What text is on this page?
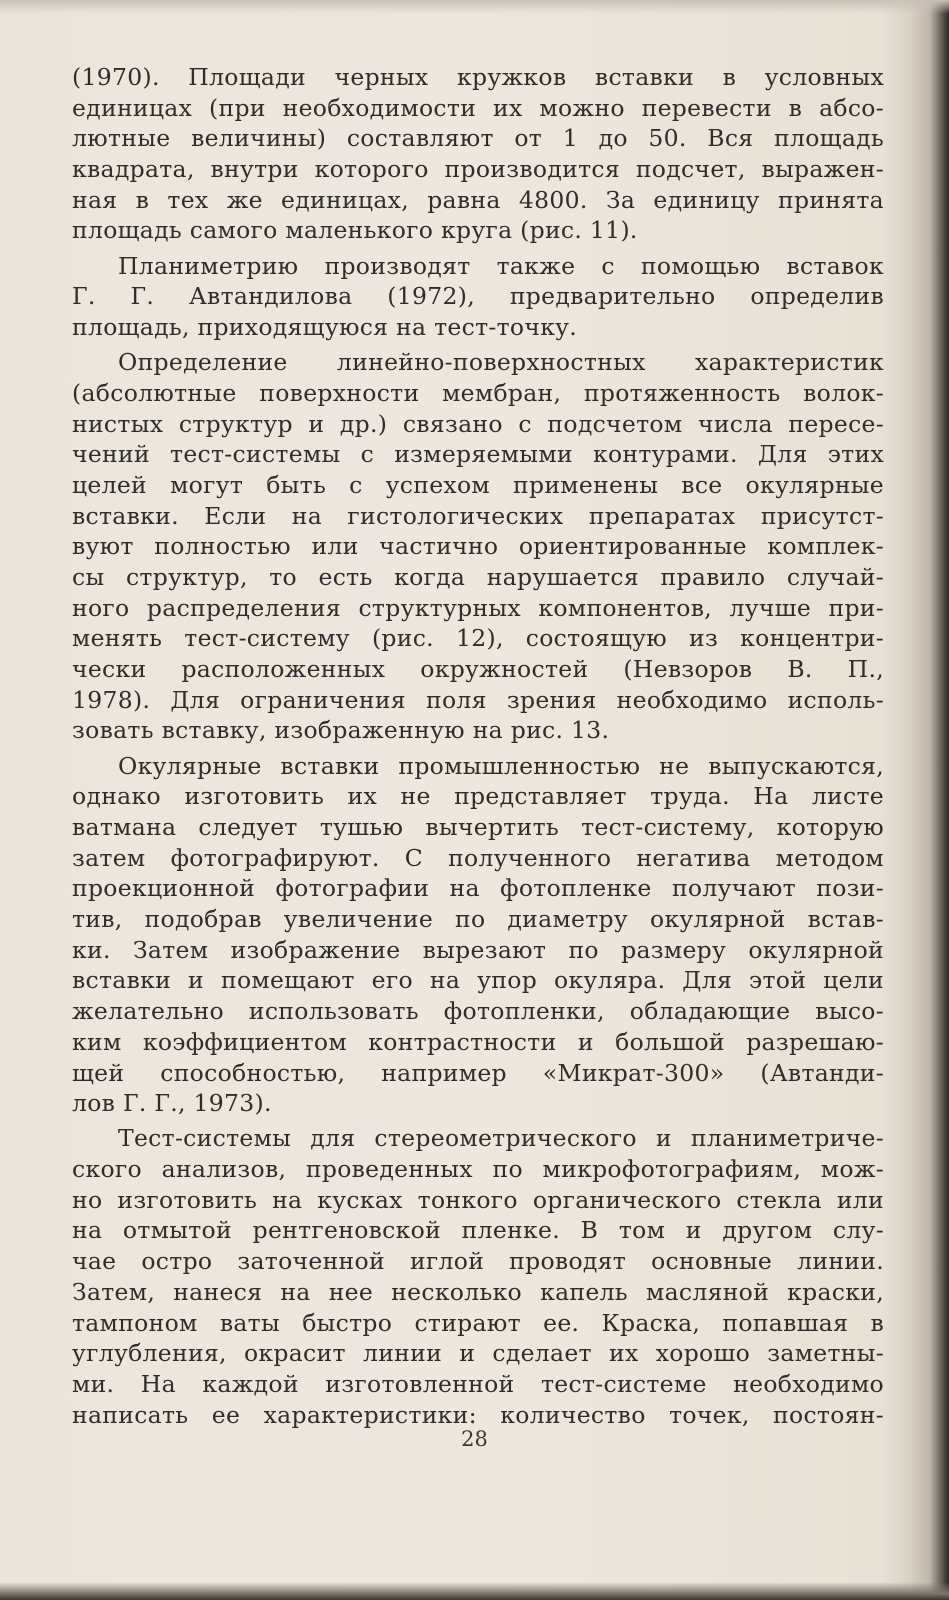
(1970). Площади черных кружков вставки в условных
единицах (при необходимости их можно перевести в абсо-
лютные величины) составляют от 1 до 50. Вся площадь
квадрата, внутри которого производится подсчет, выражен-
ная в тех же единицах, равна 4800. За единицу принята
площадь самого маленького круга (рис. 11).
Планиметрию производят также с помощью вставок
Г. Г. Автандилова (1972), предварительно определив
площадь, приходящуюся на тест-точку.
Определение линейно-поверхностных характеристик
(абсолютные поверхности мембран, протяженность волок-
нистых структур и др.) связано с подсчетом числа пересе-
чений тест-системы с измеряемыми контурами. Для этих
целей могут быть с успехом применены все окулярные
вставки. Если на гистологических препаратах присутст-
вуют полностью или частично ориентированные комплек-
сы структур, то есть когда нарушается правило случай-
ного распределения структурных компонентов, лучше при-
менять тест-систему (рис. 12), состоящую из концентри-
чески расположенных окружностей (Невзоров В. П.,
1978). Для ограничения поля зрения необходимо исполь-
зовать вставку, изображенную на рис. 13.
Окулярные вставки промышленностью не выпускаются,
однако изготовить их не представляет труда. На листе
ватмана следует тушью вычертить тест-систему, которую
затем фотографируют. С полученного негатива методом
проекционной фотографии на фотопленке получают пози-
тив, подобрав увеличение по диаметру окулярной встав-
ки. Затем изображение вырезают по размеру окулярной
вставки и помещают его на упор окуляра. Для этой цели
желательно использовать фотопленки, обладающие высо-
ким коэффициентом контрастности и большой разрешаю-
щей способностью, например «Микрат-300» (Автанди-
лов Г. Г., 1973).
Тест-системы для стереометрического и планиметриче-
ского анализов, проведенных по микрофотографиям, мож-
но изготовить на кусках тонкого органического стекла или
на отмытой рентгеновской пленке. В том и другом слу-
чае остро заточенной иглой проводят основные линии.
Затем, нанеся на нее несколько капель масляной краски,
тампоном ваты быстро стирают ее. Краска, попавшая в
углубления, окрасит линии и сделает их хорошо заметны-
ми. На каждой изготовленной тест-системе необходимо
написать ее характеристики: количество точек, постоян-
28
